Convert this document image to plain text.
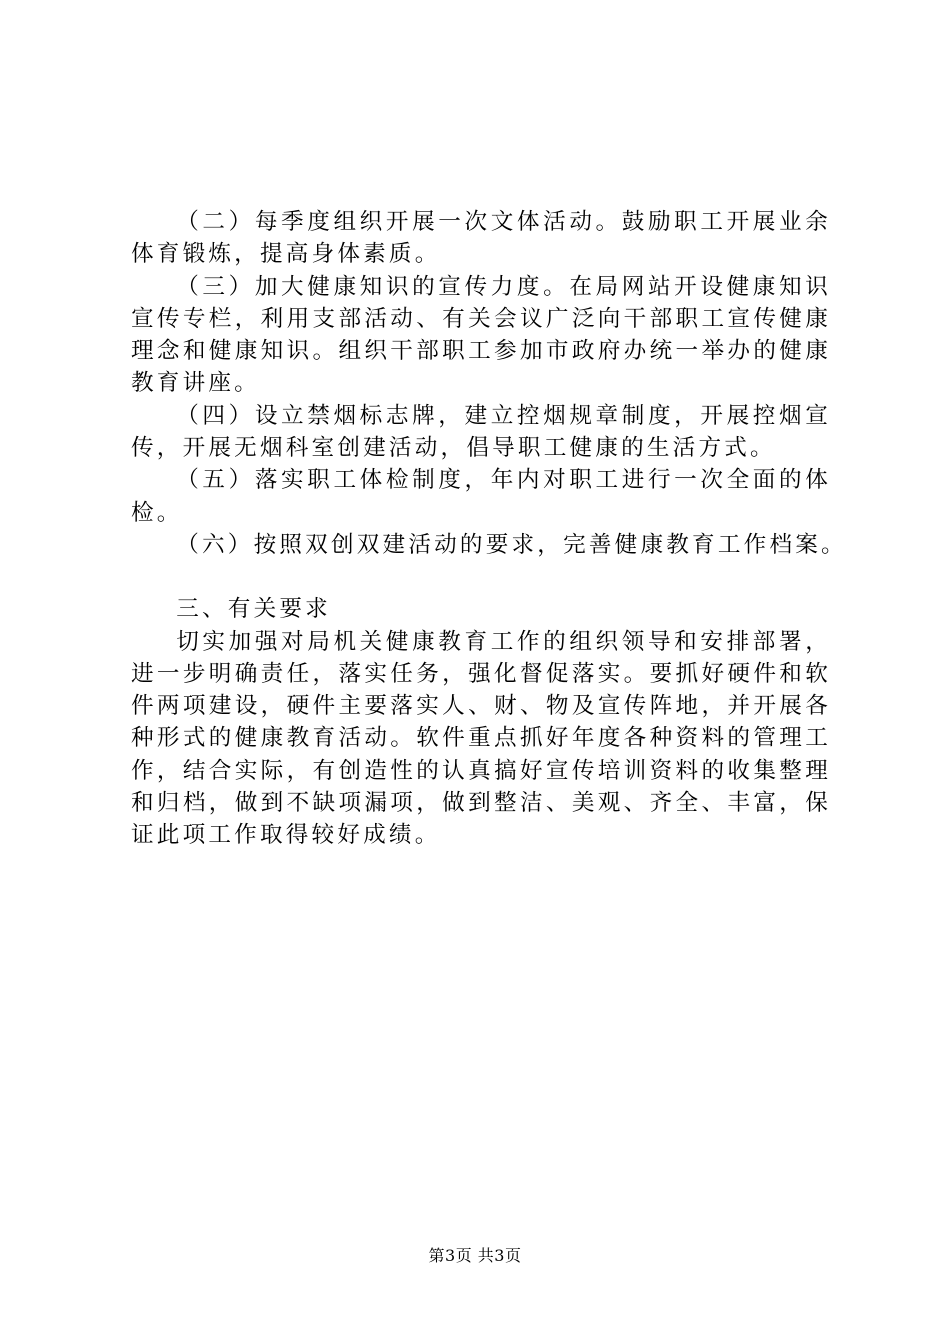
（二）每季度组织开展一次文体活动。鼓励职工开展业余体育锻炼，提高身体素质。

（三）加大健康知识的宣传力度。在局网站开设健康知识宣传专栏，利用支部活动、有关会议广泛向干部职工宣传健康理念和健康知识。组织干部职工参加市政府办统一举办的健康教育讲座。

（四）设立禁烟标志牌，建立控烟规章制度，开展控烟宣传，开展无烟科室创建活动，倡导职工健康的生活方式。

（五）落实职工体检制度，年内对职工进行一次全面的体检。

（六）按照双创双建活动的要求，完善健康教育工作档案。

三、有关要求

切实加强对局机关健康教育工作的组织领导和安排部署，进一步明确责任，落实任务，强化督促落实。要抓好硬件和软件两项建设，硬件主要落实人、财、物及宣传阵地，并开展各种形式的健康教育活动。软件重点抓好年度各种资料的管理工作，结合实际，有创造性的认真搞好宣传培训资料的收集整理和归档，做到不缺项漏项，做到整洁、美观、齐全、丰富，保证此项工作取得较好成绩。

第3页 共3页
